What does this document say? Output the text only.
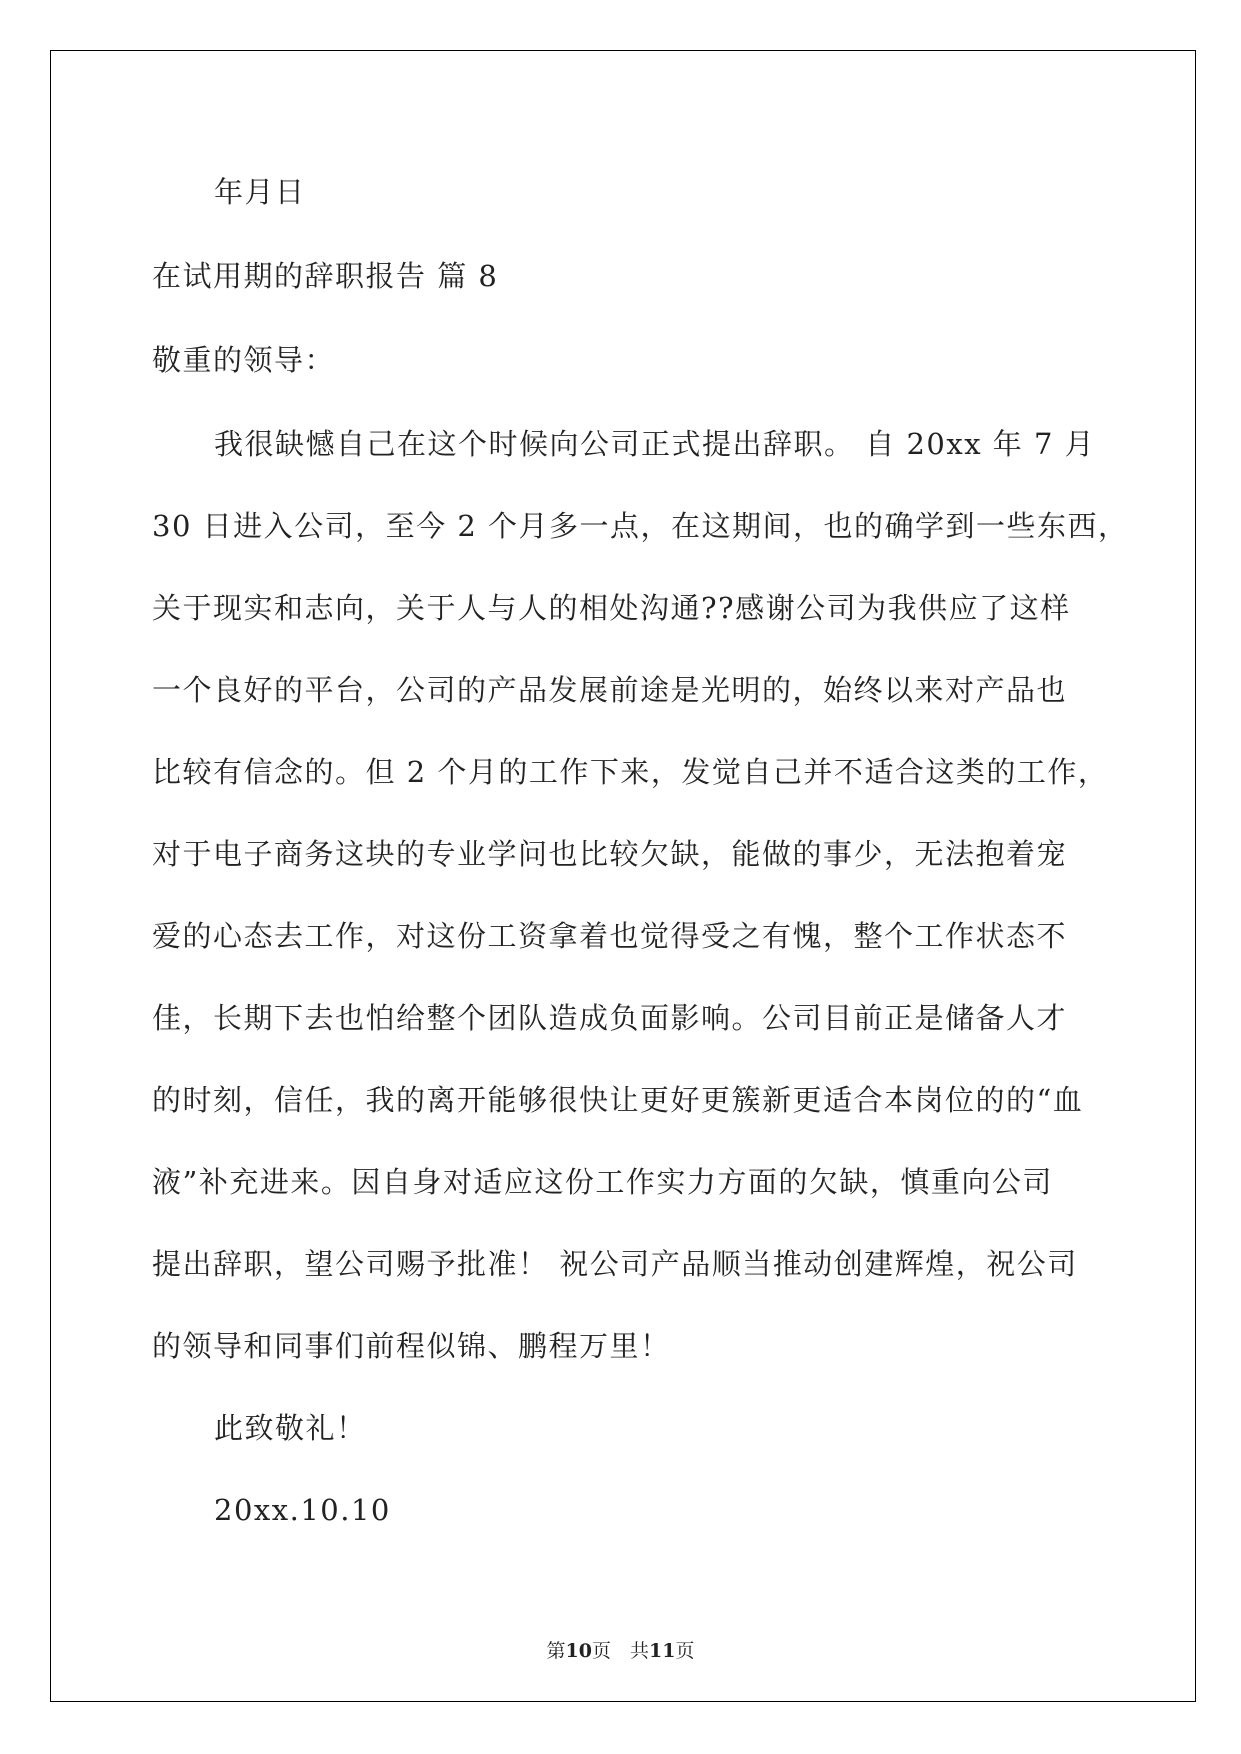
年月日
在试用期的辞职报告 篇 8
敬重的领导：
我很缺憾自己在这个时候向公司正式提出辞职。 自 20xx 年 7 月
30 日进入公司，至今 2 个月多一点，在这期间，也的确学到一些东西，
关于现实和志向，关于人与人的相处沟通??感谢公司为我供应了这样
一个良好的平台，公司的产品发展前途是光明的，始终以来对产品也
比较有信念的。但 2 个月的工作下来，发觉自己并不适合这类的工作，
对于电子商务这块的专业学问也比较欠缺，能做的事少，无法抱着宠
爱的心态去工作，对这份工资拿着也觉得受之有愧，整个工作状态不
佳，长期下去也怕给整个团队造成负面影响。公司目前正是储备人才
的时刻，信任，我的离开能够很快让更好更簇新更适合本岗位的的“血
液”补充进来。因自身对适应这份工作实力方面的欠缺，慎重向公司
提出辞职，望公司赐予批准！ 祝公司产品顺当推动创建辉煌，祝公司
的领导和同事们前程似锦、鹏程万里！
此致敬礼！
20xx.10.10
第10页　共11页
